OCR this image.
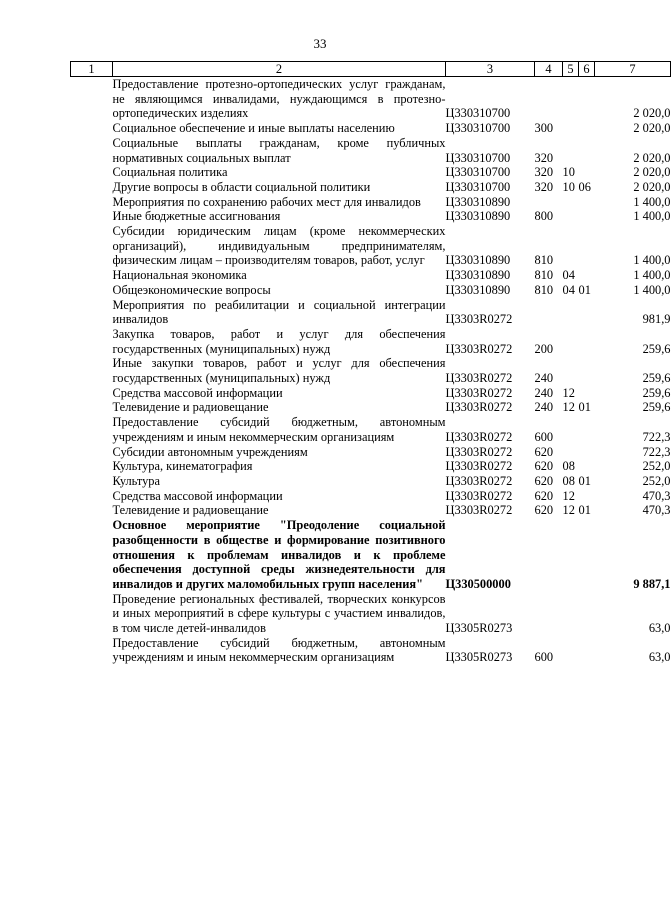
33
1	2	3	4	5	6	7
	Предоставление протезно-ортопедических услуг гражданам, не являющимся инвалидами, нуждающимся в протезно-ортопедических изделиях	Ц330310700				2 020,0
	Социальное обеспечение и иные выплаты населению	Ц330310700	300			2 020,0
	Социальные выплаты гражданам, кроме публичных нормативных социальных выплат	Ц330310700	320			2 020,0
	Социальная политика	Ц330310700	320	10		2 020,0
	Другие вопросы в области социальной политики	Ц330310700	320	10	06	2 020,0
	Мероприятия по сохранению рабочих мест для инвалидов	Ц330310890				1 400,0
	Иные бюджетные ассигнования	Ц330310890	800			1 400,0
	Субсидии юридическим лицам (кроме некоммерческих организаций), индивидуальным предпринимателям, физическим лицам – производителям товаров, работ, услуг	Ц330310890	810			1 400,0
	Национальная экономика	Ц330310890	810	04		1 400,0
	Общеэкономические вопросы	Ц330310890	810	04	01	1 400,0
	Мероприятия по реабилитации и социальной интеграции инвалидов	Ц3303R0272				981,9
	Закупка товаров, работ и услуг для обеспечения государственных (муниципальных) нужд	Ц3303R0272	200			259,6
	Иные закупки товаров, работ и услуг для обеспечения государственных (муниципальных) нужд	Ц3303R0272	240			259,6
	Средства массовой информации	Ц3303R0272	240	12		259,6
	Телевидение и радиовещание	Ц3303R0272	240	12	01	259,6
	Предоставление субсидий бюджетным, автономным учреждениям и иным некоммерческим организациям	Ц3303R0272	600			722,3
	Субсидии автономным учреждениям	Ц3303R0272	620			722,3
	Культура, кинематография	Ц3303R0272	620	08		252,0
	Культура	Ц3303R0272	620	08	01	252,0
	Средства массовой информации	Ц3303R0272	620	12		470,3
	Телевидение и радиовещание	Ц3303R0272	620	12	01	470,3
	Основное мероприятие "Преодоление социальной разобщенности в обществе и формирование позитивного отношения к проблемам инвалидов и к проблеме обеспечения доступной среды жизнедеятельности для инвалидов и других маломобильных групп населения"	Ц330500000				9 887,1
	Проведение региональных фестивалей, творческих конкурсов и иных мероприятий в сфере культуры с участием инвалидов, в том числе детей-инвалидов	Ц3305R0273				63,0
	Предоставление субсидий бюджетным, автономным учреждениям и иным некоммерческим организациям	Ц3305R0273	600			63,0
